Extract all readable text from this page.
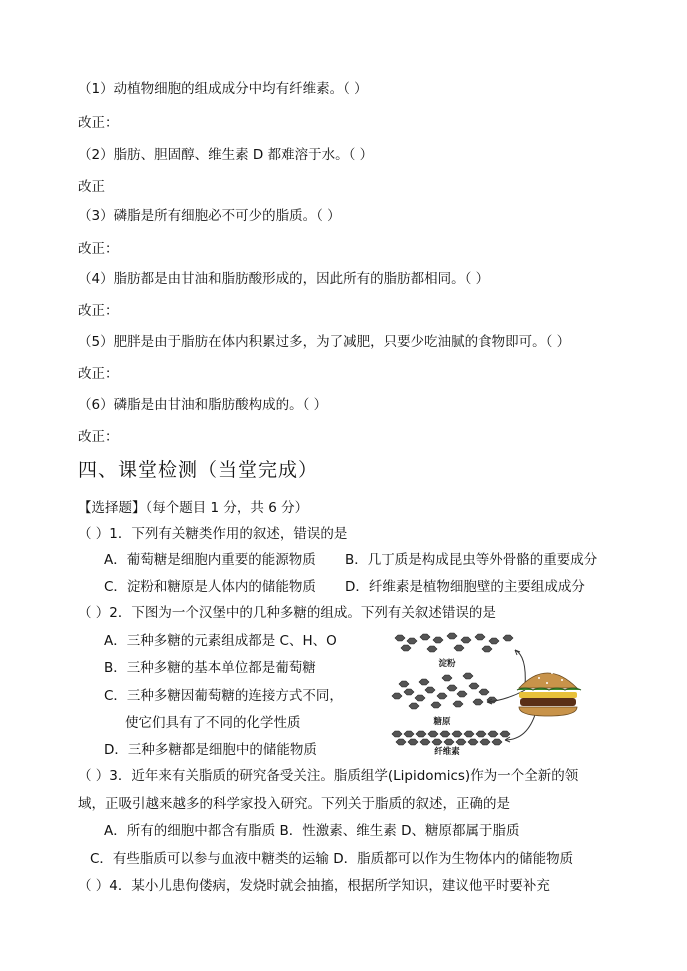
（1）动植物细胞的组成成分中均有纤维素。（ ）
改正：
（2）脂肪、胆固醇、维生素 D 都难溶于水。（ ）
改正
（3）磷脂是所有细胞必不可少的脂质。（ ）
改正：
（4）脂肪都是由甘油和脂肪酸形成的，因此所有的脂肪都相同。（ ）
改正：
（5）肥胖是由于脂肪在体内积累过多，为了减肥，只要少吃油腻的食物即可。（ ）
改正：
（6）磷脂是由甘油和脂肪酸构成的。（ ）
改正：
四、课堂检测（当堂完成）
【选择题】（每个题目 1 分，共 6 分）
（ ）1．下列有关糖类作用的叙述，错误的是
A．葡萄糖是细胞内重要的能源物质 B．几丁质是构成昆虫等外骨骼的重要成分
C．淀粉和糖原是人体内的储能物质 D．纤维素是植物细胞壁的主要组成成分
（ ）2．下图为一个汉堡中的几种多糖的组成。下列有关叙述错误的是
A．三种多糖的元素组成都是 C、H、O
B．三种多糖的基本单位都是葡萄糖
C．三种多糖因葡萄糖的连接方式不同，
使它们具有了不同的化学性质
D．三种多糖都是细胞中的储能物质
淀粉
糖原
纤维素
（ ）3．近年来有关脂质的研究备受关注。脂质组学(Lipidomics)作为一个全新的领
域，正吸引越来越多的科学家投入研究。下列关于脂质的叙述，正确的是
A．所有的细胞中都含有脂质 B．性激素、维生素 D、糖原都属于脂质
C．有些脂质可以参与血液中糖类的运输 D．脂质都可以作为生物体内的储能物质
（ ）4．某小儿患佝偻病，发烧时就会抽搐，根据所学知识，建议他平时要补充
